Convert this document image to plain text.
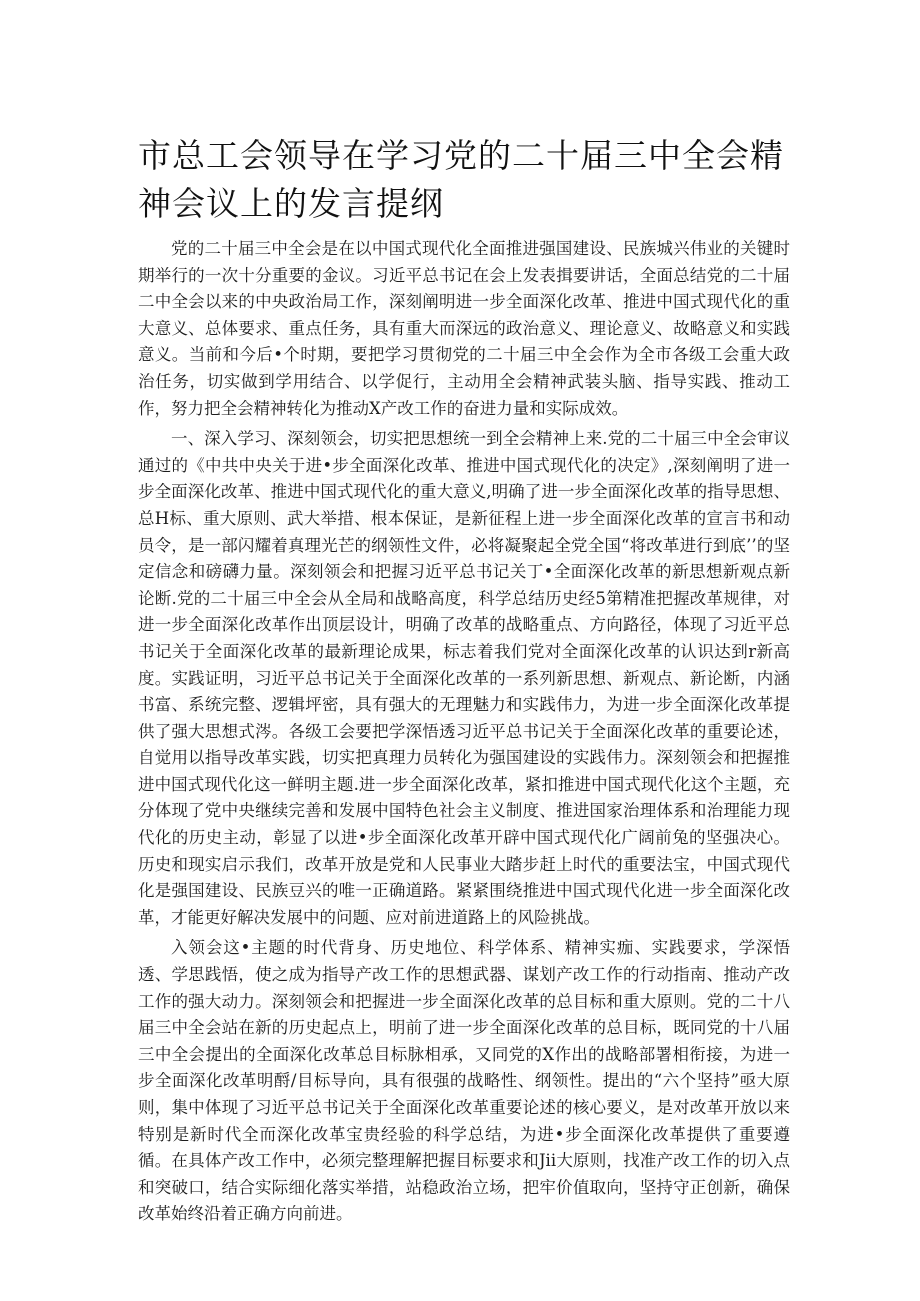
市总工会领导在学习党的二十届三中全会精神会议上的发言提纲

党的二十届三中全会是在以中国式现代化全面推进强国建设、民族城兴伟业的关键时期举行的一次十分重要的金议。习近平总书记在会上发表揖要讲话，全面总结党的二十届二中全会以来的中央政治局工作，深刻阐明进一步全面深化改革、推进中国式现代化的重大意义、总体要求、重点任务，具有重大而深远的政治意义、理论意义、故略意义和实践意义。当前和今后•个时期，要把学习贯彻党的二十届三中全会作为全市各级工会重大政治任务，切实做到学用结合、以学促行，主动用全会精神武装头脑、指导实践、推动工作，努力把全会精神转化为推动X产改工作的奋进力量和实际成效。

一、深入学习、深刻领会，切实把思想统一到全会精神上来.党的二十届三中全会审议通过的《中共中央关于进•步全面深化改革、推进中国式现代化的决定》,深刻阐明了进一步全面深化改革、推进中国式现代化的重大意义,明确了进一步全面深化改革的指导思想、总H标、重大原则、武大举措、根本保证，是新征程上进一步全面深化改革的宣言书和动员令，是一部闪耀着真理光芒的纲领性文件，必将凝聚起全党全国“将改革进行到底’’的坚定信念和磅礴力量。深刻领会和把握习近平总书记关丁•全面深化改革的新思想新观点新论断.党的二十届三中全会从全局和战略高度，科学总结历史经5第精准把握改革规律，对进一步全面深化改革作出顶层设计，明确了改革的战略重点、方向路径，体现了习近平总书记关于全面深化改革的最新理论成果，标志着我们党对全面深化改革的认识达到r新高度。实践证明，习近平总书记关于全面深化改革的一系列新思想、新观点、新论断，内涵书富、系统完整、逻辑坪密，具有强大的无理魅力和实践伟力，为进一步全面深化改革提供了强大思想式涔。各级工会要把学深悟透习近平总书记关于全面深化改革的重要论述，自觉用以指导改革实践，切实把真理力员转化为强国建设的实践伟力。深刻领会和把握推进中国式现代化这一鲜明主题.进一步全面深化改革，紧扣推进中国式现代化这个主题，充分体现了党中央继续完善和发展中国特色社会主义制度、推进国家治理体系和治理能力现代化的历史主动，彰显了以进•步全面深化改革开辟中国式现代化广阔前兔的坚强决心。历史和现实启示我们，改革开放是党和人民事业大踏步赶上时代的重要法宝，中国式现代化是强国建设、民族豆兴的唯一正确道路。紧紧围绕推进中国式现代化进一步全面深化改革，才能更好解决发展中的问题、应对前进道路上的风险挑战。

入领会这•主题的时代背身、历史地位、科学体系、精神实痂、实践要求，学深悟透、学思践悟，使之成为指导产改工作的思想武器、谋划产改工作的行动指南、推动产改工作的强大动力。深刻领会和把握进一步全面深化改革的总目标和重大原则。党的二十八届三中全会站在新的历史起点上，明前了进一步全面深化改革的总目标，既同党的十八届三中全会提出的全面深化改革总目标脉相承，又同党的X作出的战略部署相衔接，为进一步全面深化改革明酹/目标导向，具有很强的战略性、纲领性。提出的“六个坚持”亟大原则，集中体现了习近平总书记关于全面深化改革重要论述的核心要义，是对改革开放以来特别是新时代全而深化改革宝贵经验的科学总结，为进•步全面深化改革提供了重要遵循。在具体产改工作中，必须完整理解把握目标要求和Jii大原则，找准产改工作的切入点和突破口，结合实际细化落实举措，站稳政治立场，把牢价值取向，坚持守正创新，确保改革始终沿着正确方向前进。
